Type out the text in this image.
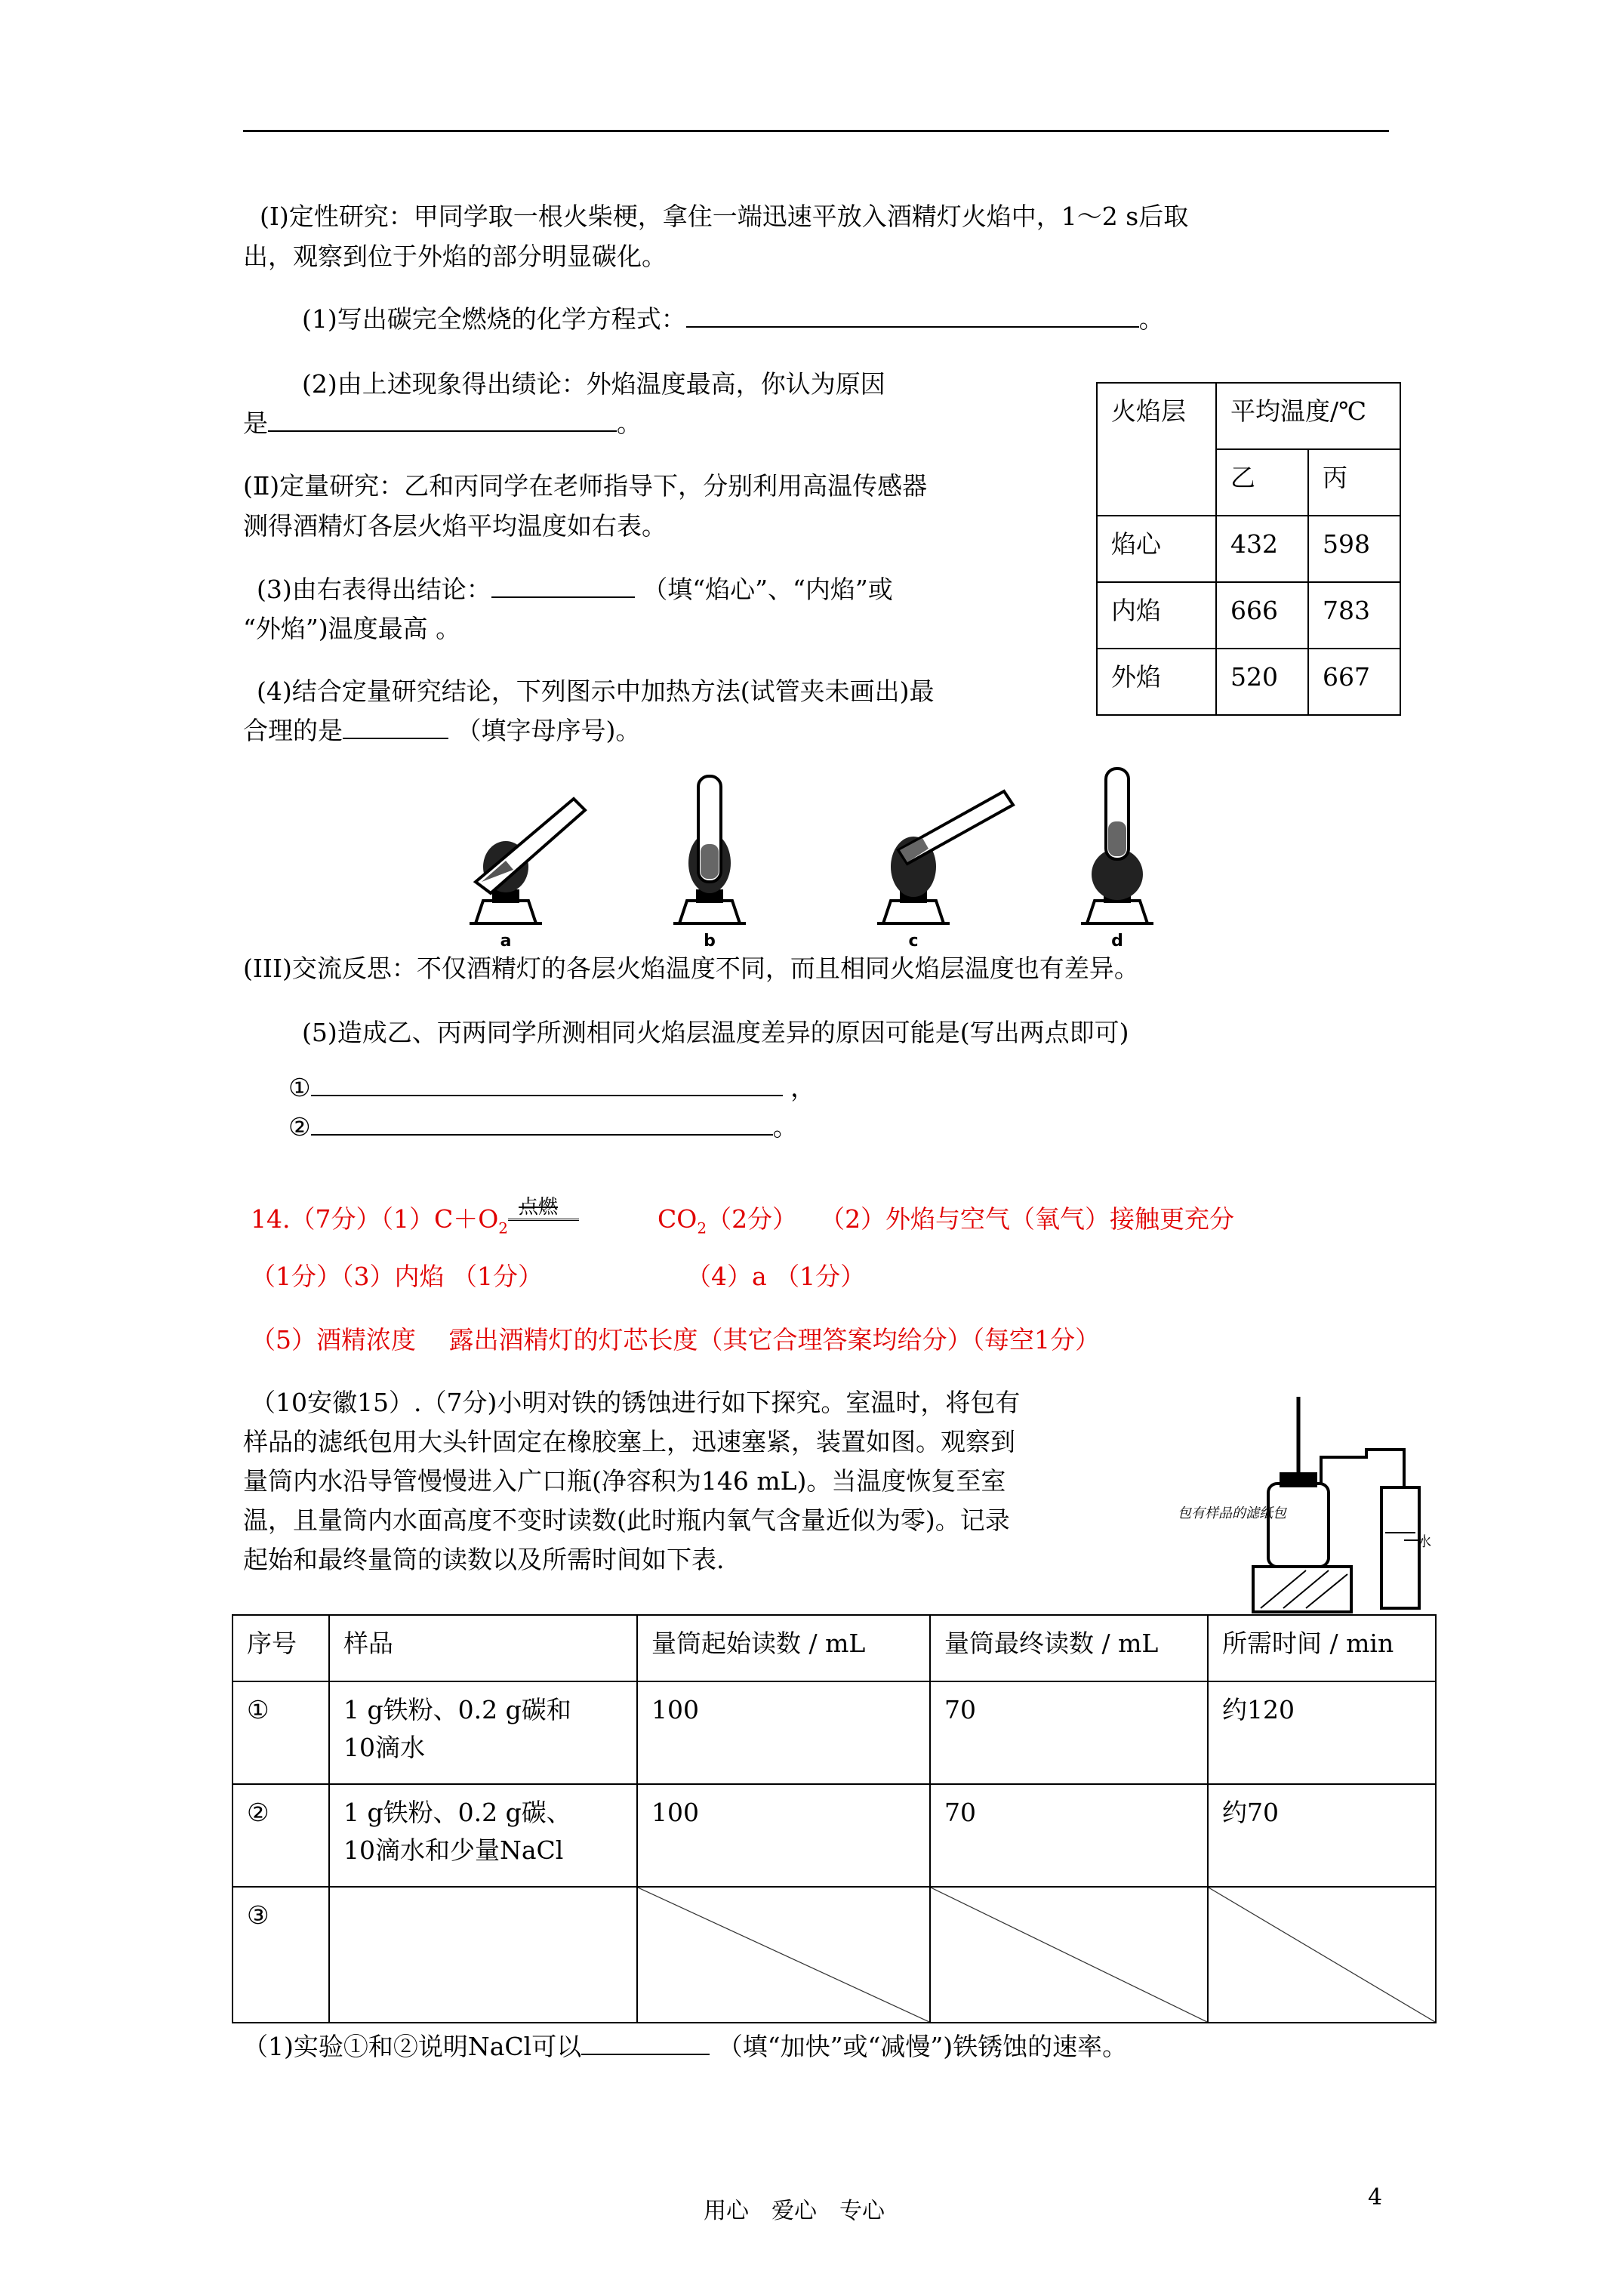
(I)定性研究：甲同学取一根火柴梗，拿住一端迅速平放入酒精灯火焰中，1～2 s后取
出，观察到位于外焰的部分明显碳化。
(1)写出碳完全燃烧的化学方程式：	。
(2)由上述现象得出绩论：外焰温度最高，你认为原因
是	。
(Ⅱ)定量研究：乙和丙同学在老师指导下，分别利用高温传感器
测得酒精灯各层火焰平均温度如右表。
(3)由右表得出结论：	（填“焰心”、“内焰”或
“外焰”)温度最高 。
(4)结合定量研究结论，下列图示中加热方法(试管夹未画出)最
合理的是	（填字母序号)。
火焰层	平均温度/℃	
	乙	丙
焰心	432	598
内焰	666	783
外焰	520	667
a	b	c	d
(III)交流反思：不仅酒精灯的各层火焰温度不同，而且相同火焰层温度也有差异。
(5)造成乙、丙两同学所测相同火焰层温度差异的原因可能是(写出两点即可)
①	，
②	。
14.（7分）$(1)C+O_2$
点燃	$CO_2(2$分） （2）外焰与空气（氧气）接触更充分
（1分）（3）内焰 （1分）	（4）a （1分）
（5）酒精浓度　 露出酒精灯的灯芯长度（其它合理答案均给分）（每空1分）
（10安徽15）.（7分)小明对铁的锈蚀进行如下探究。室温时，将包有
样品的滤纸包用大头针固定在橡胶塞上，迅速塞紧，装置如图。观察到
量筒内水沿导管慢慢进入广口瓶(净容积为146 mL)。当温度恢复至室
温，且量筒内水面高度不变时读数(此时瓶内氧气含量近似为零)。记录
起始和最终量筒的读数以及所需时间如下表.
包有样品的滤纸包
水
序号	样品	量筒起始读数 / mL	量筒最终读数 / mL	所需时间 / min
①	1 g铁粉、0.2 g碳和
10滴水	100	70	约120
②	1 g铁粉、0.2 g碳、
10滴水和少量NaCl	100	70	约70
③				
（1)实验①和②说明NaCl可以	（填“加快”或“减慢”)铁锈蚀的速率。
用心　爱心　专心
4
